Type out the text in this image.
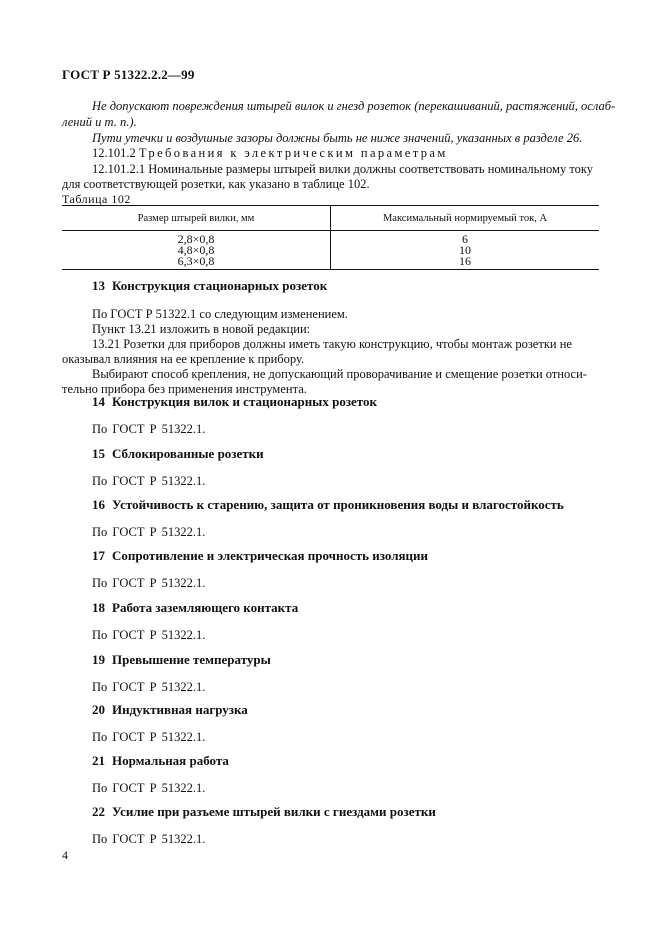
ГОСТ Р 51322.2.2—99

Не допускают повреждения штырей вилок и гнезд розеток (перекашиваний, растяжений, ослаб-

лений и т. п.).

Пути утечки и воздушные зазоры должны быть не ниже значений, указанных в разделе 26.

12.101.2 Требования к электрическим параметрам

12.101.2.1 Номинальные размеры штырей вилки должны соответствовать номинальному току

для соответствующей розетки, как указано в таблице 102.

Таблица 102
Размер штырей вилки, мм	Максимальный нормируемый ток, А
2,8×0,8	6
4,8×0,8	10
6,3×0,8	16
13 Конструкция стационарных розеток

По ГОСТ Р 51322.1 со следующим изменением.

Пункт 13.21 изложить в новой редакции:

13.21 Розетки для приборов должны иметь такую конструкцию, чтобы монтаж розетки не

оказывал влияния на ее крепление к прибору.

Выбирают способ крепления, не допускающий проворачивание и смещение розетки относи-

тельно прибора без применения инструмента.

14 Конструкция вилок и стационарных розеток
По ГОСТ Р 51322.1.
15 Сблокированные розетки
По ГОСТ Р 51322.1.
16 Устойчивость к старению, защита от проникновения воды и влагостойкость
По ГОСТ Р 51322.1.
17 Сопротивление и электрическая прочность изоляции
По ГОСТ Р 51322.1.
18 Работа заземляющего контакта
По ГОСТ Р 51322.1.
19 Превышение температуры
По ГОСТ Р 51322.1.
20 Индуктивная нагрузка
По ГОСТ Р 51322.1.
21 Нормальная работа
По ГОСТ Р 51322.1.
22 Усилие при разъеме штырей вилки с гнездами розетки
По ГОСТ Р 51322.1.
4
